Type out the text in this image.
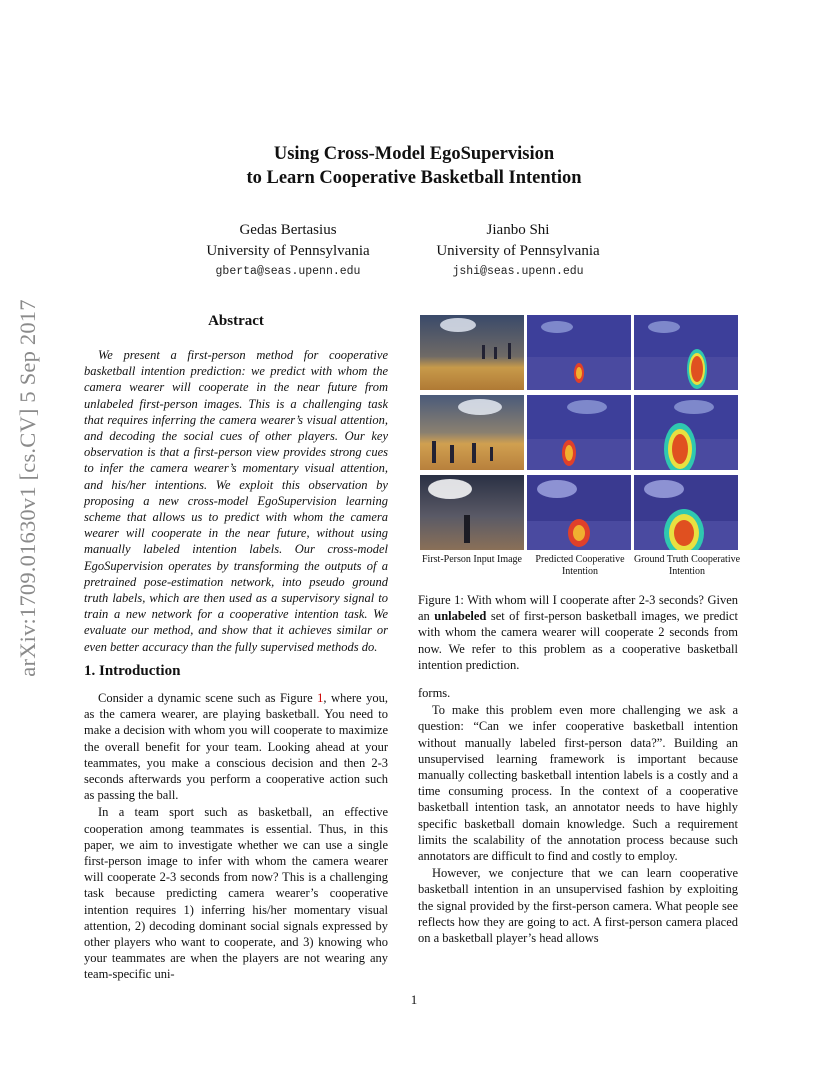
arXiv:1709.01630v1 [cs.CV] 5 Sep 2017
Using Cross-Model EgoSupervision
to Learn Cooperative Basketball Intention
Gedas Bertasius
University of Pennsylvania
gberta@seas.upenn.edu
Jianbo Shi
University of Pennsylvania
jshi@seas.upenn.edu
Abstract

We present a first-person method for cooperative basketball intention prediction: we predict with whom the camera wearer will cooperate in the near future from unlabeled first-person images. This is a challenging task that requires inferring the camera wearer’s visual attention, and decoding the social cues of other players. Our key observation is that a first-person view provides strong cues to infer the camera wearer’s momentary visual attention, and his/her intentions. We exploit this observation by proposing a new cross-model EgoSupervision learning scheme that allows us to predict with whom the camera wearer will cooperate in the near future, without using manually labeled intention labels. Our cross-model EgoSupervision operates by transforming the outputs of a pretrained pose-estimation network, into pseudo ground truth labels, which are then used as a supervisory signal to train a new network for a cooperative intention task. We evaluate our method, and show that it achieves similar or even better accuracy than the fully supervised methods do.

1. Introduction

Consider a dynamic scene such as Figure 1, where you, as the camera wearer, are playing basketball. You need to make a decision with whom you will cooperate to maximize the overall benefit for your team. Looking ahead at your teammates, you make a conscious decision and then 2-3 seconds afterwards you perform a cooperative action such as passing the ball.

In a team sport such as basketball, an effective cooperation among teammates is essential. Thus, in this paper, we aim to investigate whether we can use a single first-person image to infer with whom the camera wearer will cooperate 2-3 seconds from now? This is a challenging task because predicting camera wearer’s cooperative intention requires 1) inferring his/her momentary visual attention, 2) decoding dominant social signals expressed by other players who want to cooperate, and 3) knowing who your teammates are when the players are not wearing any team-specific uni-

First-Person Input Image	Predicted Cooperative Intention
Ground Truth Cooperative Intention

Figure 1: With whom will I cooperate after 2-3 seconds? Given an unlabeled set of first-person basketball images, we predict with whom the camera wearer will cooperate 2 seconds from now. We refer to this problem as a cooperative basketball intention prediction.

forms.

To make this problem even more challenging we ask a question: “Can we infer cooperative basketball intention without manually labeled first-person data?”. Building an unsupervised learning framework is important because manually collecting basketball intention labels is a costly and a time consuming process. In the context of a cooperative basketball intention task, an annotator needs to have highly specific basketball domain knowledge. Such a requirement limits the scalability of the annotation process because such annotators are difficult to find and costly to employ.

However, we conjecture that we can learn cooperative basketball intention in an unsupervised fashion by exploiting the signal provided by the first-person camera. What people see reflects how they are going to act. A first-person camera placed on a basketball player’s head allows

1
